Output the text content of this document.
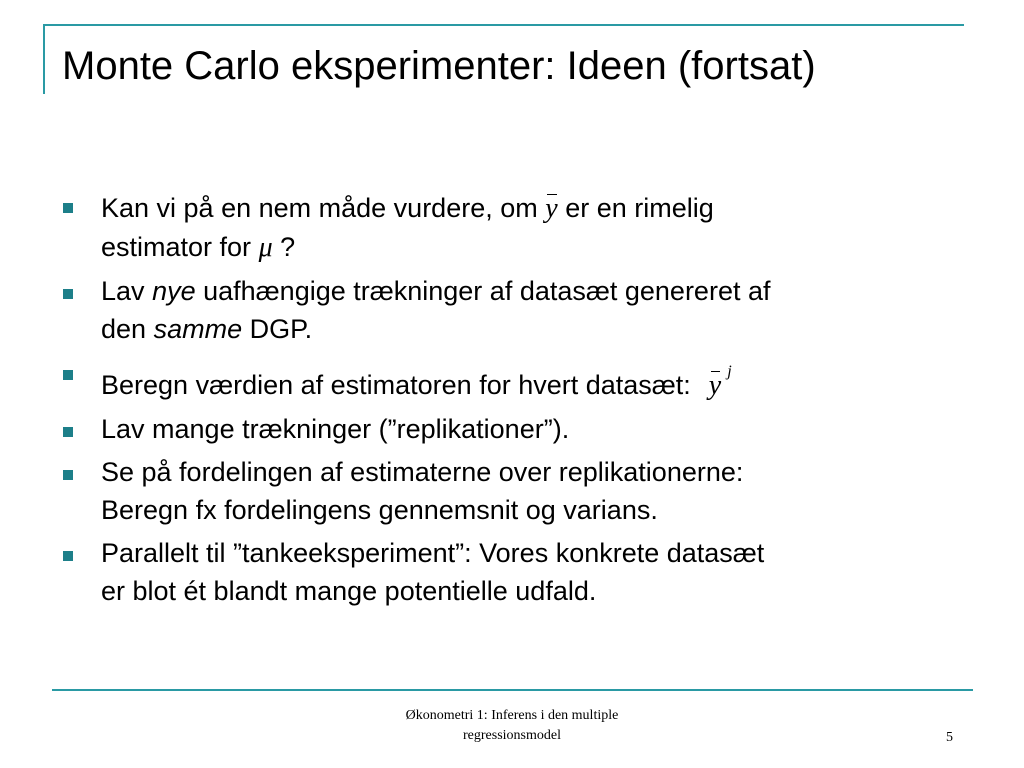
Monte Carlo eksperimenter: Ideen (fortsat)
Kan vi på en nem måde vurdere, om y er en rimelig
estimator for μ ?
Lav nye uafhængige trækninger af datasæt genereret af
den samme DGP.
Beregn værdien af estimatoren for hvert datasæt: y $^j$
Lav mange trækninger (”replikationer”).
Se på fordelingen af estimaterne over replikationerne:
Beregn fx fordelingens gennemsnit og varians.
Parallelt til ”tankeeksperiment”: Vores konkrete datasæt
er blot ét blandt mange potentielle udfald.
Økonometri 1: Inferens i den multiple
regressionsmodel	5
